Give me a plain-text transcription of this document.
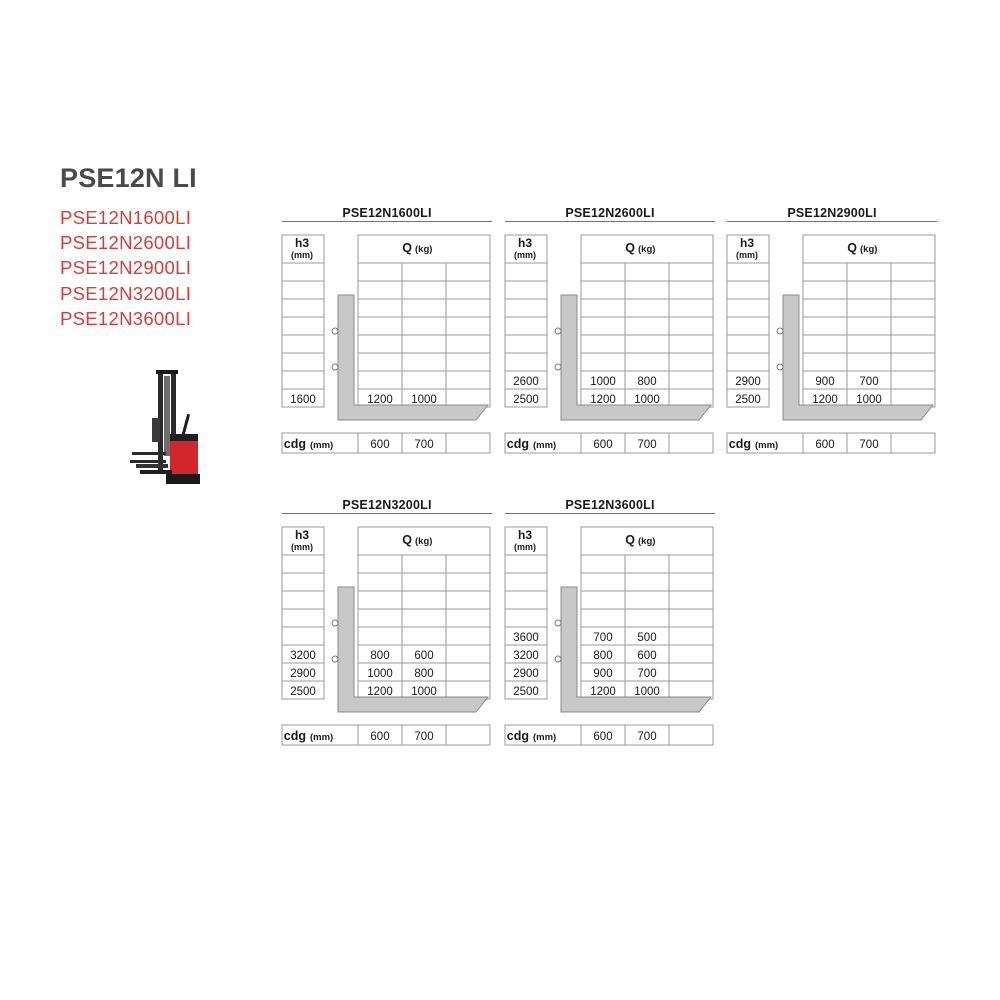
PSE12N LI
PSE12N1600LI
PSE12N2600LI
PSE12N2900LI
PSE12N3200LI
PSE12N3600LI
PSE12N1600LI
h3
(mm)	Q (kg)
1600	1200 1000
cdg (mm)	600 700
PSE12N2600LI
h3
(mm)	Q (kg)
2600	1000 800
2500	1200 1000
cdg (mm)	600 700
PSE12N2900LI
h3
(mm)	Q (kg)
2900	900 700
2500	1200 1000
cdg (mm)	600 700
PSE12N3200LI
h3
(mm)	Q (kg)
3200	800 600
2900	1000 800
2500	1200 1000
cdg (mm)	600 700
PSE12N3600LI
h3
(mm)	Q (kg)
3600	700 500
3200	800 600
2900	900 700
2500	1200 1000
cdg (mm)	600 700
